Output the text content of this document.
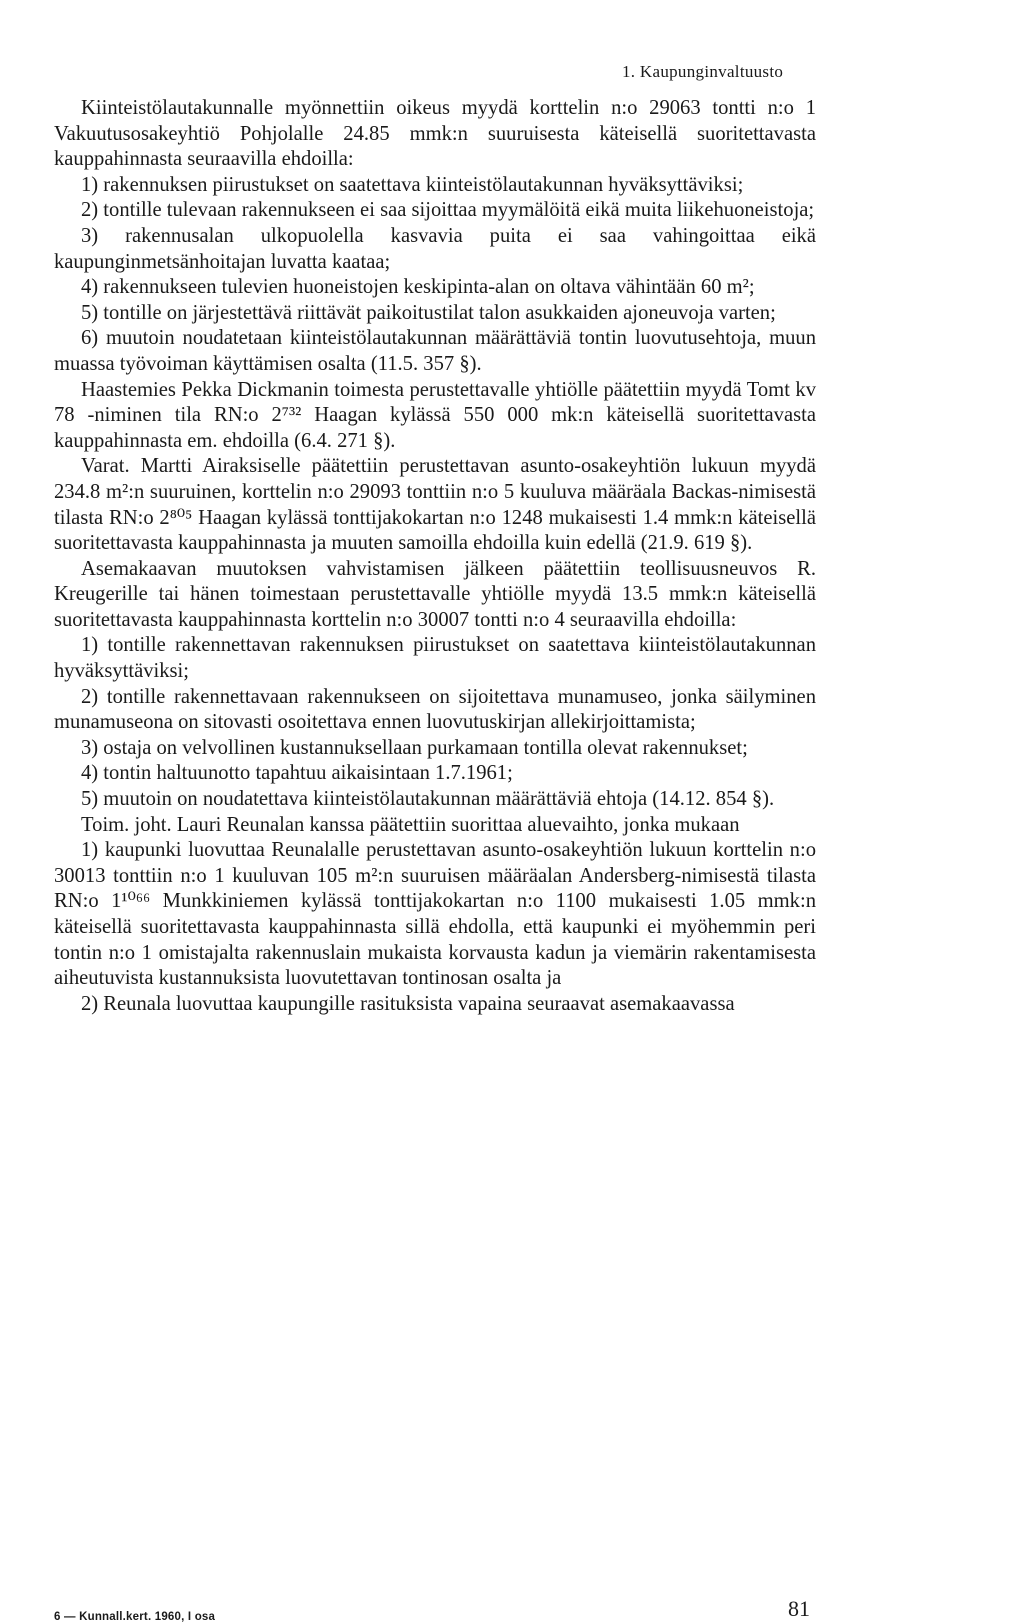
1. Kaupunginvaltuusto

Kiinteistölautakunnalle myönnettiin oikeus myydä korttelin n:o 29063 tontti n:o 1 Vakuutusosakeyhtiö Pohjolalle 24.85 mmk:n suuruisesta käteisellä suoritettavasta kauppahinnasta seuraavilla ehdoilla:

1) rakennuksen piirustukset on saatettava kiinteistölautakunnan hyväksyttäviksi;

2) tontille tulevaan rakennukseen ei saa sijoittaa myymälöitä eikä muita liikehuoneistoja;

3) rakennusalan ulkopuolella kasvavia puita ei saa vahingoittaa eikä kaupunginmetsänhoitajan luvatta kaataa;

4) rakennukseen tulevien huoneistojen keskipinta-alan on oltava vähintään 60 m²;

5) tontille on järjestettävä riittävät paikoitustilat talon asukkaiden ajoneuvoja varten;

6) muutoin noudatetaan kiinteistölautakunnan määrättäviä tontin luovutusehtoja, muun muassa työvoiman käyttämisen osalta (11.5. 357 §).

Haastemies Pekka Dickmanin toimesta perustettavalle yhtiölle päätettiin myydä Tomt kv 78 -niminen tila RN:o 2⁷³² Haagan kylässä 550 000 mk:n käteisellä suoritettavasta kauppahinnasta em. ehdoilla (6.4. 271 §).

Varat. Martti Airaksiselle päätettiin perustettavan asunto-osakeyhtiön lukuun myydä 234.8 m²:n suuruinen, korttelin n:o 29093 tonttiin n:o 5 kuuluva määräala Backas-nimisestä tilasta RN:o 2⁸⁰⁵ Haagan kylässä tonttijakokartan n:o 1248 mukaisesti 1.4 mmk:n käteisellä suoritettavasta kauppahinnasta ja muuten samoilla ehdoilla kuin edellä (21.9. 619 §).

Asemakaavan muutoksen vahvistamisen jälkeen päätettiin teollisuusneuvos R. Kreugerille tai hänen toimestaan perustettavalle yhtiölle myydä 13.5 mmk:n käteisellä suoritettavasta kauppahinnasta korttelin n:o 30007 tontti n:o 4 seuraavilla ehdoilla:

1) tontille rakennettavan rakennuksen piirustukset on saatettava kiinteistölautakunnan hyväksyttäviksi;

2) tontille rakennettavaan rakennukseen on sijoitettava munamuseo, jonka säilyminen munamuseona on sitovasti osoitettava ennen luovutuskirjan allekirjoittamista;

3) ostaja on velvollinen kustannuksellaan purkamaan tontilla olevat rakennukset;

4) tontin haltuunotto tapahtuu aikaisintaan 1.7.1961;

5) muutoin on noudatettava kiinteistölautakunnan määrättäviä ehtoja (14.12. 854 §).

Toim. joht. Lauri Reunalan kanssa päätettiin suorittaa aluevaihto, jonka mukaan

1) kaupunki luovuttaa Reunalalle perustettavan asunto-osakeyhtiön lukuun korttelin n:o 30013 tonttiin n:o 1 kuuluvan 105 m²:n suuruisen määräalan Andersberg-nimisestä tilasta RN:o 1¹⁰⁶⁶ Munkkiniemen kylässä tonttijakokartan n:o 1100 mukaisesti 1.05 mmk:n käteisellä suoritettavasta kauppahinnasta sillä ehdolla, että kaupunki ei myöhemmin peri tontin n:o 1 omistajalta rakennuslain mukaista korvausta kadun ja viemärin rakentamisesta aiheutuvista kustannuksista luovutettavan tontinosan osalta ja

2) Reunala luovuttaa kaupungille rasituksista vapaina seuraavat asemakaavassa

6 — Kunnall.kert. 1960, I osa	81
